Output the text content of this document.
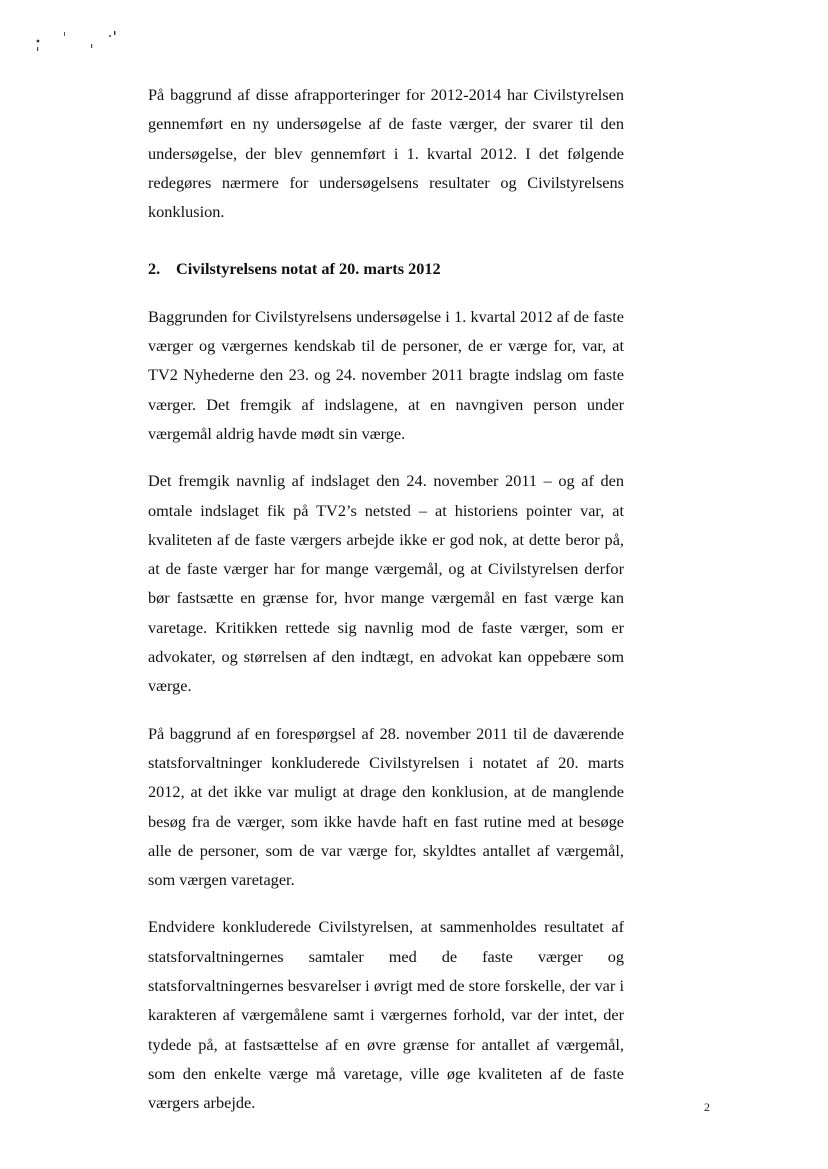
På baggrund af disse afrapporteringer for 2012-2014 har Civilstyrelsen gennemført en ny undersøgelse af de faste værger, der svarer til den undersøgelse, der blev gennemført i 1. kvartal 2012. I det følgende redegøres nærmere for undersøgelsens resultater og Civilstyrelsens konklusion.

2. Civilstyrelsens notat af 20. marts 2012

Baggrunden for Civilstyrelsens undersøgelse i 1. kvartal 2012 af de faste værger og værgernes kendskab til de personer, de er værge for, var, at TV2 Nyhederne den 23. og 24. november 2011 bragte indslag om faste værger. Det fremgik af indslagene, at en navngiven person under værgemål aldrig havde mødt sin værge.

Det fremgik navnlig af indslaget den 24. november 2011 – og af den omtale indslaget fik på TV2’s netsted – at historiens pointer var, at kvaliteten af de faste værgers arbejde ikke er god nok, at dette beror på, at de faste værger har for mange værgemål, og at Civilstyrelsen derfor bør fastsætte en grænse for, hvor mange værgemål en fast værge kan varetage. Kritikken rettede sig navnlig mod de faste værger, som er advokater, og størrelsen af den indtægt, en advokat kan oppebære som værge.

På baggrund af en forespørgsel af 28. november 2011 til de daværende statsforvaltninger konkluderede Civilstyrelsen i notatet af 20. marts 2012, at det ikke var muligt at drage den konklusion, at de manglende besøg fra de værger, som ikke havde haft en fast rutine med at besøge alle de personer, som de var værge for, skyldtes antallet af værgemål, som værgen varetager.

Endvidere konkluderede Civilstyrelsen, at sammenholdes resultatet af statsforvaltningernes samtaler med de faste værger og statsforvaltningernes besvarelser i øvrigt med de store forskelle, der var i karakteren af værgemålene samt i værgernes forhold, var der intet, der tydede på, at fastsættelse af en øvre grænse for antallet af værgemål, som den enkelte værge må varetage, ville øge kvaliteten af de faste værgers arbejde.	2
